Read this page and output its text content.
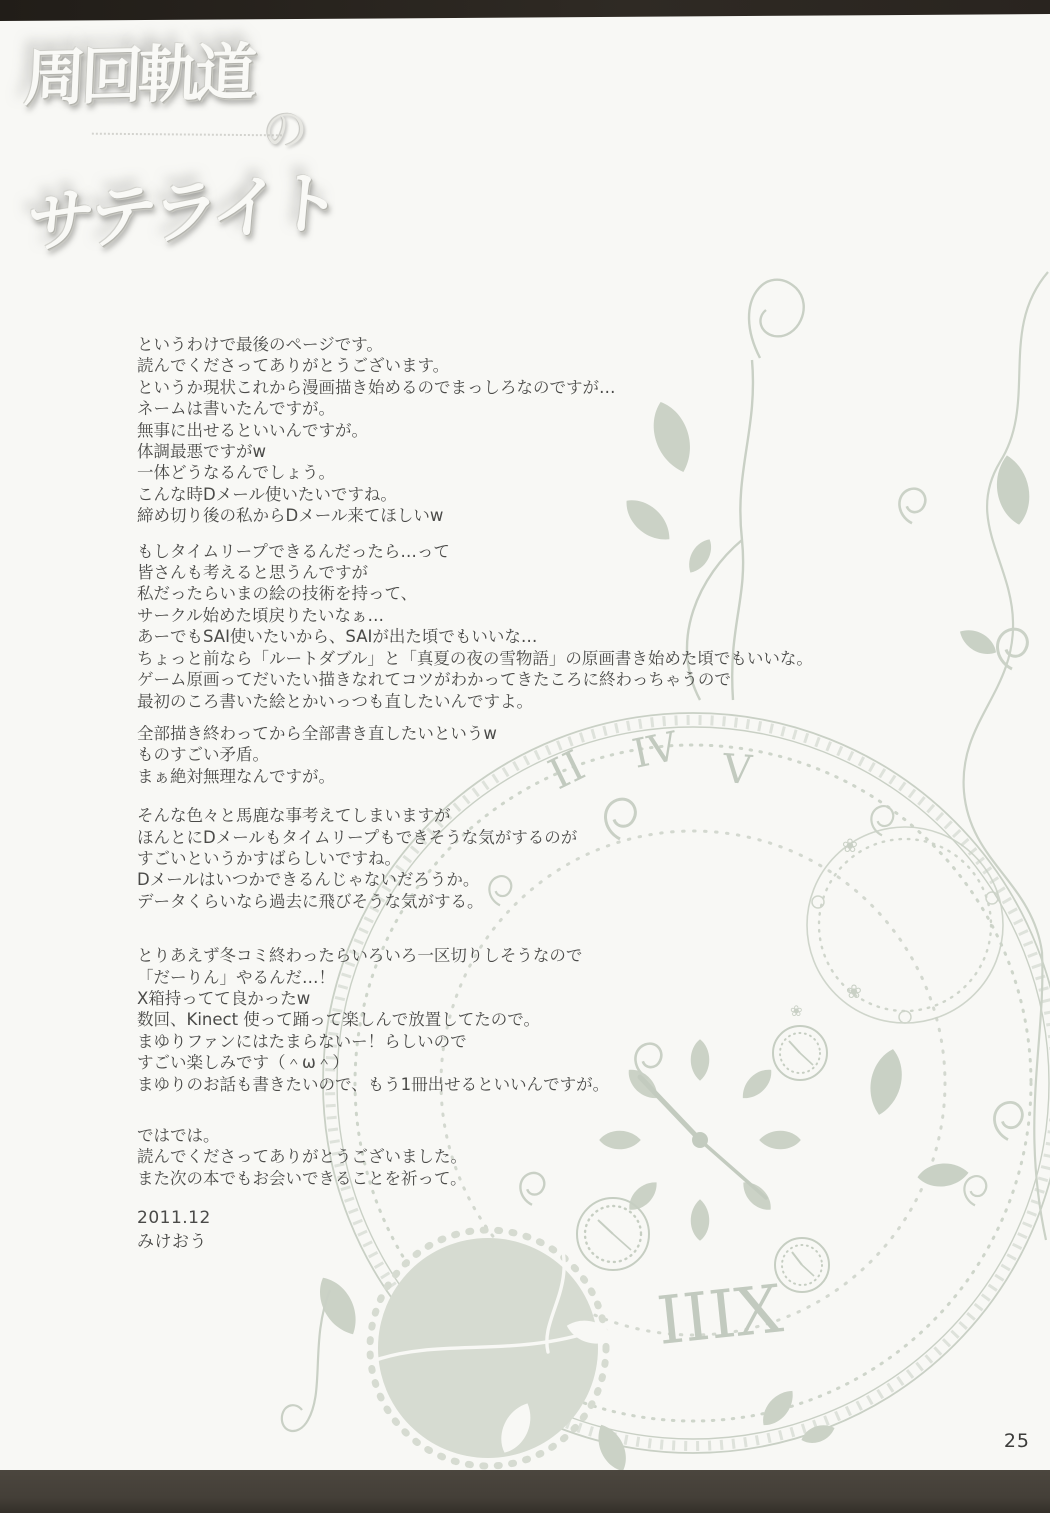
II IV V
IIIX
❀
❀
❀
周回軌道
の
サテライト
というわけで最後のページです。
読んでくださってありがとうございます。
というか現状これから漫画描き始めるのでまっしろなのですが…
ネームは書いたんですが。
無事に出せるといいんですが。
体調最悪ですがw
一体どうなるんでしょう。
こんな時Dメール使いたいですね。
締め切り後の私からDメール来てほしいw
もしタイムリープできるんだったら…って
皆さんも考えると思うんですが
私だったらいまの絵の技術を持って、
サークル始めた頃戻りたいなぁ…
あーでもSAI使いたいから、SAIが出た頃でもいいな…
ちょっと前なら「ルートダブル」と「真夏の夜の雪物語」の原画書き始めた頃でもいいな。
ゲーム原画ってだいたい描きなれてコツがわかってきたころに終わっちゃうので
最初のころ書いた絵とかいっつも直したいんですよ。
全部描き終わってから全部書き直したいというw
ものすごい矛盾。
まぁ絶対無理なんですが。
そんな色々と馬鹿な事考えてしまいますが
ほんとにDメールもタイムリープもできそうな気がするのが
すごいというかすばらしいですね。
Dメールはいつかできるんじゃないだろうか。
データくらいなら過去に飛びそうな気がする。
とりあえず冬コミ終わったらいろいろ一区切りしそうなので
「だーりん」やるんだ…！
X箱持ってて良かったw
数回、Kinect 使って踊って楽しんで放置してたので。
まゆりファンにはたまらないー！らしいので
すごい楽しみです（＾ω＾）
まゆりのお話も書きたいので、もう1冊出せるといいんですが。
ではでは。
読んでくださってありがとうございました。
また次の本でもお会いできることを祈って。
2011.12
みけおう
25
